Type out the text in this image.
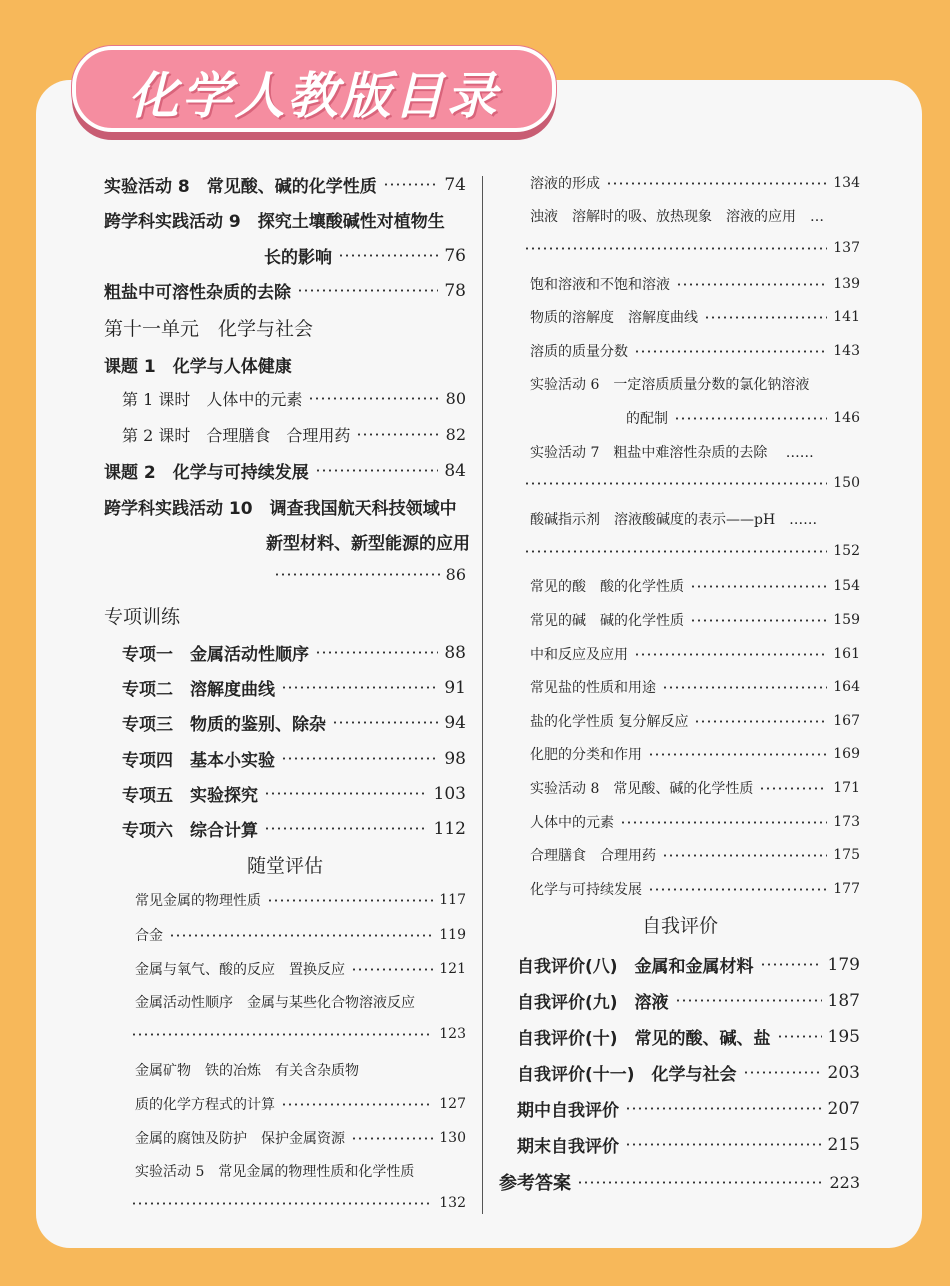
化学人教版目录
实验活动 8　常见酸、碱的化学性质	74
跨学科实践活动 9　探究土壤酸碱性对植物生
长的影响	76
粗盐中可溶性杂质的去除	78
第十一单元　化学与社会
课题 1　化学与人体健康
第 1 课时　人体中的元素	80
第 2 课时　合理膳食　合理用药	82
课题 2　化学与可持续发展	84
跨学科实践活动 10　调查我国航天科技领域中
新型材料、新型能源的应用
86
专项训练
专项一　金属活动性顺序	88
专项二　溶解度曲线	91
专项三　物质的鉴别、除杂	94
专项四　基本小实验	98
专项五　实验探究	103
专项六　综合计算	112
随堂评估
常见金属的物理性质	117
合金	119
金属与氧气、酸的反应　置换反应	121
金属活动性顺序　金属与某些化合物溶液反应
123
金属矿物　铁的冶炼　有关含杂质物
质的化学方程式的计算	127
金属的腐蚀及防护　保护金属资源	130
实验活动 5　常见金属的物理性质和化学性质
132
溶液的形成	134
浊液　溶解时的吸、放热现象　溶液的应用　…
137
饱和溶液和不饱和溶液	139
物质的溶解度　溶解度曲线	141
溶质的质量分数	143
实验活动 6　一定溶质质量分数的氯化钠溶液
的配制	146
实验活动 7　粗盐中难溶性杂质的去除　 ……
150
酸碱指示剂　溶液酸碱度的表示——pH　……
152
常见的酸　酸的化学性质	154
常见的碱　碱的化学性质	159
中和反应及应用	161
常见盐的性质和用途	164
盐的化学性质 复分解反应	167
化肥的分类和作用	169
实验活动 8　常见酸、碱的化学性质	171
人体中的元素	173
合理膳食　合理用药	175
化学与可持续发展	177
自我评价
自我评价(八)　金属和金属材料	179
自我评价(九)　溶液	187
自我评价(十)　常见的酸、碱、盐	195
自我评价(十一)　化学与社会	203
期中自我评价	207
期末自我评价	215
参考答案	223
